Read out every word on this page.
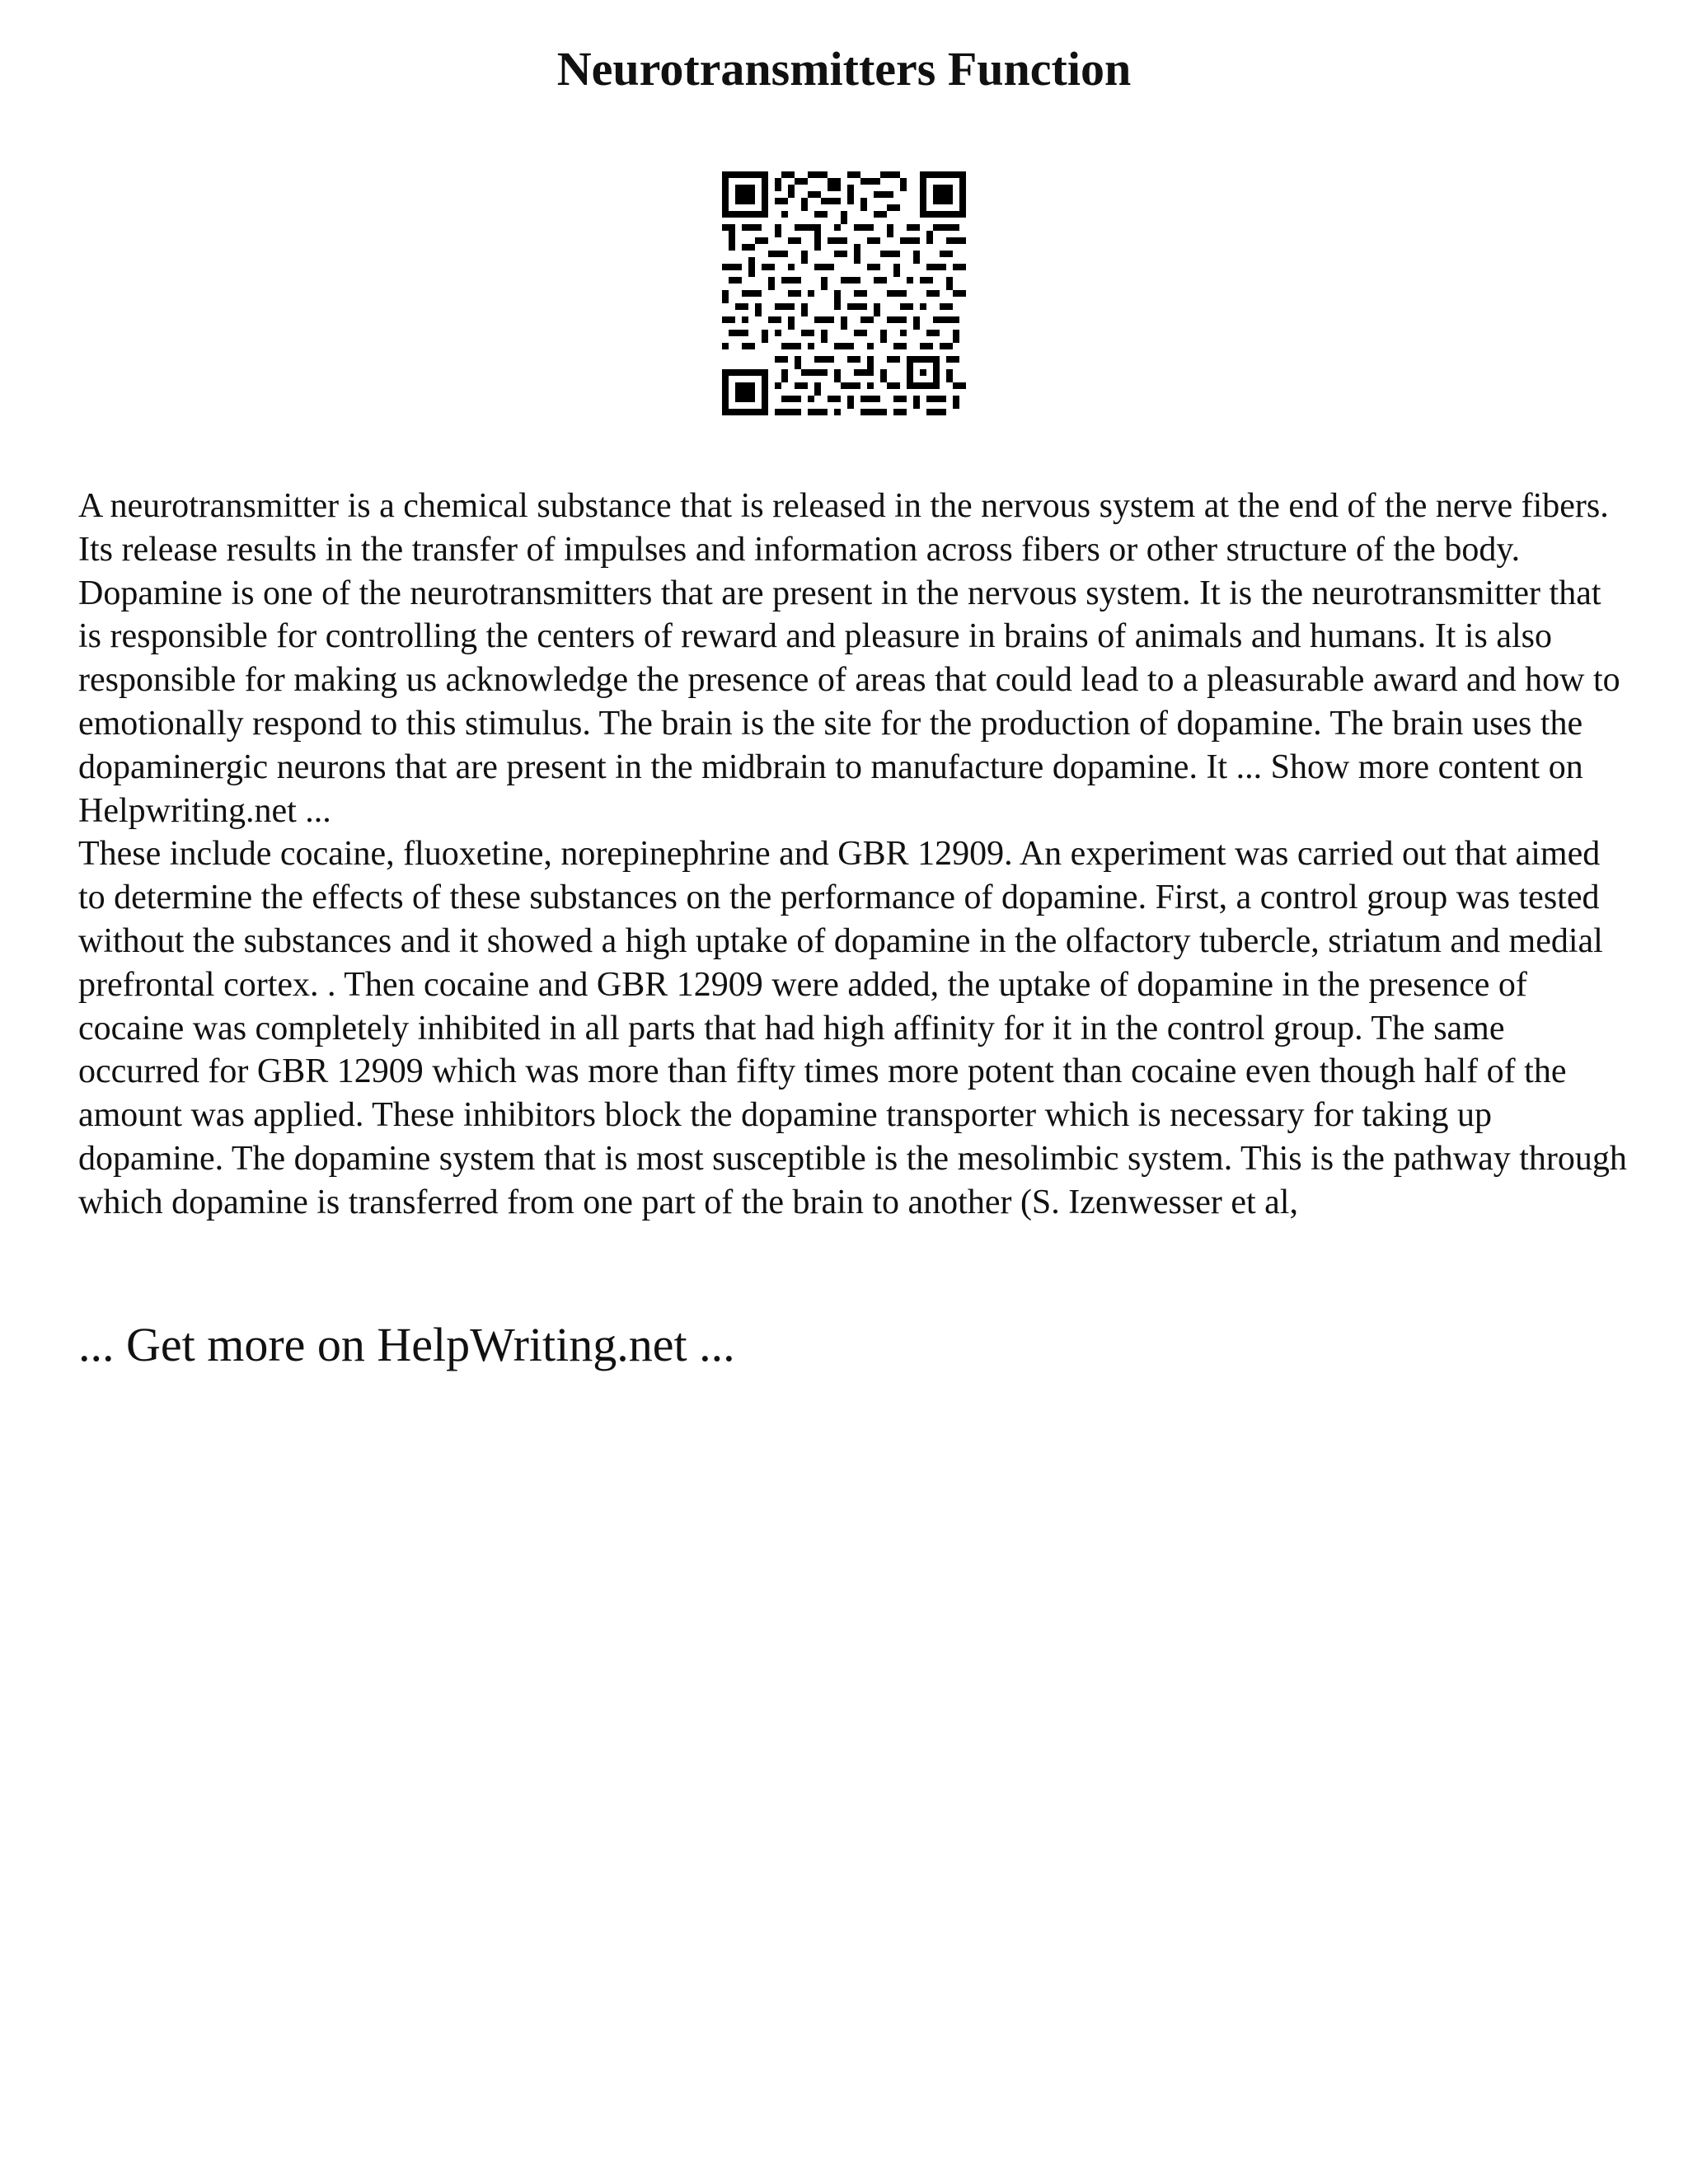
Neurotransmitters Function

A neurotransmitter is a chemical substance that is released in the nervous system at the end of the nerve fibers. Its release results in the transfer of impulses and information across fibers or other structure of the body. Dopamine is one of the neurotransmitters that are present in the nervous system. It is the neurotransmitter that is responsible for controlling the centers of reward and pleasure in brains of animals and humans. It is also responsible for making us acknowledge the presence of areas that could lead to a pleasurable award and how to emotionally respond to this stimulus. The brain is the site for the production of dopamine. The brain uses the dopaminergic neurons that are present in the midbrain to manufacture dopamine. It ... Show more content on Helpwriting.net ...

These include cocaine, fluoxetine, norepinephrine and GBR 12909. An experiment was carried out that aimed to determine the effects of these substances on the performance of dopamine. First, a control group was tested without the substances and it showed a high uptake of dopamine in the olfactory tubercle, striatum and medial prefrontal cortex. . Then cocaine and GBR 12909 were added, the uptake of dopamine in the presence of cocaine was completely inhibited in all parts that had high affinity for it in the control group. The same occurred for GBR 12909 which was more than fifty times more potent than cocaine even though half of the amount was applied. These inhibitors block the dopamine transporter which is necessary for taking up dopamine. The dopamine system that is most susceptible is the mesolimbic system. This is the pathway through which dopamine is transferred from one part of the brain to another (S. Izenwesser et al,

... Get more on HelpWriting.net ...
